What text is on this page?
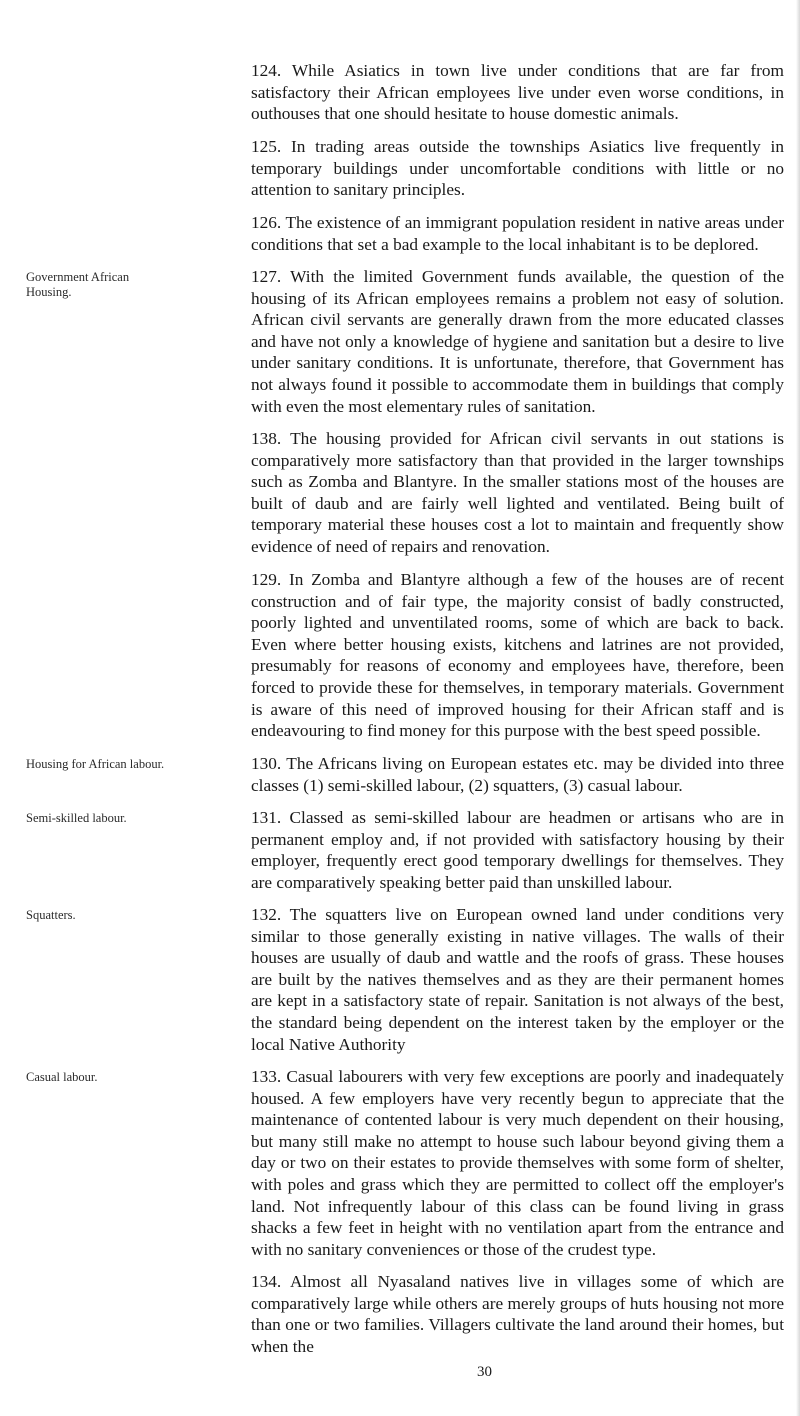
Government African Housing.

Housing for African labour.

Semi-skilled labour.

Squatters.

Casual labour.

124. While Asiatics in town live under conditions that are far from satisfactory their African employees live under even worse conditions, in outhouses that one should hesitate to house domestic animals.

125. In trading areas outside the townships Asiatics live frequently in temporary buildings under uncomfortable conditions with little or no attention to sanitary principles.

126. The existence of an immigrant population resident in native areas under conditions that set a bad example to the local inhabitant is to be deplored.

127. With the limited Government funds available, the question of the housing of its African employees remains a problem not easy of solution. African civil servants are generally drawn from the more educated classes and have not only a knowledge of hygiene and sanitation but a desire to live under sanitary conditions. It is unfortunate, therefore, that Government has not always found it possible to accommodate them in buildings that comply with even the most elementary rules of sanitation.

138. The housing provided for African civil servants in out stations is comparatively more satisfactory than that provided in the larger townships such as Zomba and Blantyre. In the smaller stations most of the houses are built of daub and are fairly well lighted and ventilated. Being built of temporary material these houses cost a lot to maintain and frequently show evidence of need of repairs and renovation.

129. In Zomba and Blantyre although a few of the houses are of recent construction and of fair type, the majority consist of badly constructed, poorly lighted and unventilated rooms, some of which are back to back. Even where better housing exists, kitchens and latrines are not provided, presumably for reasons of economy and employees have, therefore, been forced to provide these for themselves, in temporary materials. Government is aware of this need of improved housing for their African staff and is endeavouring to find money for this purpose with the best speed possible.

130. The Africans living on European estates etc. may be divided into three classes (1) semi-skilled labour, (2) squatters, (3) casual labour.

131. Classed as semi-skilled labour are headmen or artisans who are in permanent employ and, if not provided with satisfactory housing by their employer, frequently erect good temporary dwellings for themselves. They are comparatively speaking better paid than unskilled labour.

132. The squatters live on European owned land under conditions very similar to those generally existing in native villages. The walls of their houses are usually of daub and wattle and the roofs of grass. These houses are built by the natives themselves and as they are their permanent homes are kept in a satisfactory state of repair. Sanitation is not always of the best, the standard being dependent on the interest taken by the employer or the local Native Authority

133. Casual labourers with very few exceptions are poorly and inadequately housed. A few employers have very recently begun to appreciate that the maintenance of contented labour is very much dependent on their housing, but many still make no attempt to house such labour beyond giving them a day or two on their estates to provide themselves with some form of shelter, with poles and grass which they are permitted to collect off the employer's land. Not infrequently labour of this class can be found living in grass shacks a few feet in height with no ventilation apart from the entrance and with no sanitary conveniences or those of the crudest type.

134. Almost all Nyasaland natives live in villages some of which are comparatively large while others are merely groups of huts housing not more than one or two families. Villagers cultivate the land around their homes, but when the

30
